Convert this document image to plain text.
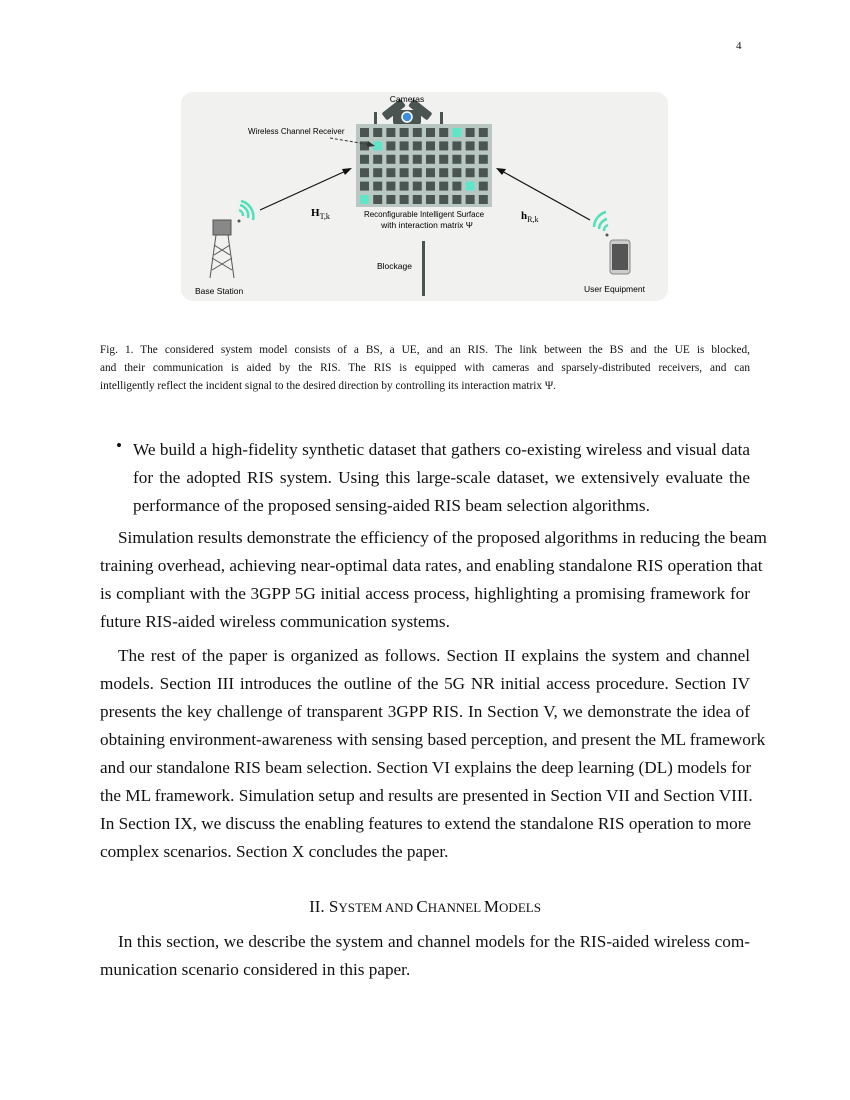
4
Cameras
Wireless Channel Receiver
Reconfigurable Intelligent Surface
with interaction matrix Ψ
$H_{T,k}$	$h_{R,k}$
Blockage
Base Station	User Equipment
Fig. 1. The considered system model consists of a BS, a UE, and an RIS. The link between the BS and the UE is blocked,
and their communication is aided by the RIS. The RIS is equipped with cameras and sparsely-distributed receivers, and can
intelligently reflect the incident signal to the desired direction by controlling its interaction matrix Ψ.
• We build a high-fidelity synthetic dataset that gathers co-existing wireless and visual data
for the adopted RIS system. Using this large-scale dataset, we extensively evaluate the
performance of the proposed sensing-aided RIS beam selection algorithms.
Simulation results demonstrate the efficiency of the proposed algorithms in reducing the beam
training overhead, achieving near-optimal data rates, and enabling standalone RIS operation that
is compliant with the 3GPP 5G initial access process, highlighting a promising framework for
future RIS-aided wireless communication systems.
The rest of the paper is organized as follows. Section II explains the system and channel
models. Section III introduces the outline of the 5G NR initial access procedure. Section IV
presents the key challenge of transparent 3GPP RIS. In Section V, we demonstrate the idea of
obtaining environment-awareness with sensing based perception, and present the ML framework
and our standalone RIS beam selection. Section VI explains the deep learning (DL) models for
the ML framework. Simulation setup and results are presented in Section VII and Section VIII.
In Section IX, we discuss the enabling features to extend the standalone RIS operation to more
complex scenarios. Section X concludes the paper.
II. SYSTEM AND CHANNEL MODELS
In this section, we describe the system and channel models for the RIS-aided wireless com-
munication scenario considered in this paper.
